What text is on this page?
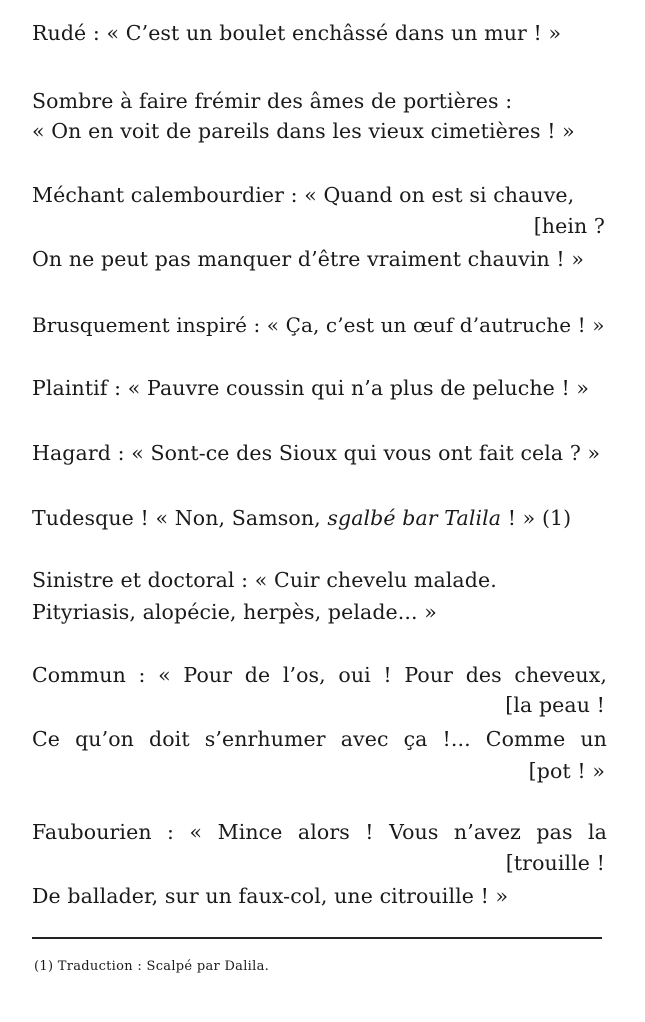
Rudé : « C’est un boulet enchâssé dans un mur ! »
Sombre à faire frémir des âmes de portières :
« On en voit de pareils dans les vieux cimetières ! »
Méchant calembourdier : « Quand on est si chauve,
[hein ?
On ne peut pas manquer d’être vraiment chauvin ! »
Brusquement inspiré : « Ça, c’est un œuf d’autruche ! »
Plaintif : « Pauvre coussin qui n’a plus de peluche ! »
Hagard : « Sont-ce des Sioux qui vous ont fait cela ? »
Tudesque ! « Non, Samson, sgalbé bar Talila ! » (1)
Sinistre et doctoral : « Cuir chevelu malade.
Pityriasis, alopécie, herpès, pelade... »
Commun : « Pour de l’os, oui ! Pour des cheveux,
[la peau !
Ce qu’on doit s’enrhumer avec ça !... Comme un
[pot ! »
Faubourien : « Mince alors ! Vous n’avez pas la
[trouille !
De ballader, sur un faux-col, une citrouille ! »
(1) Traduction : Scalpé par Dalila.
